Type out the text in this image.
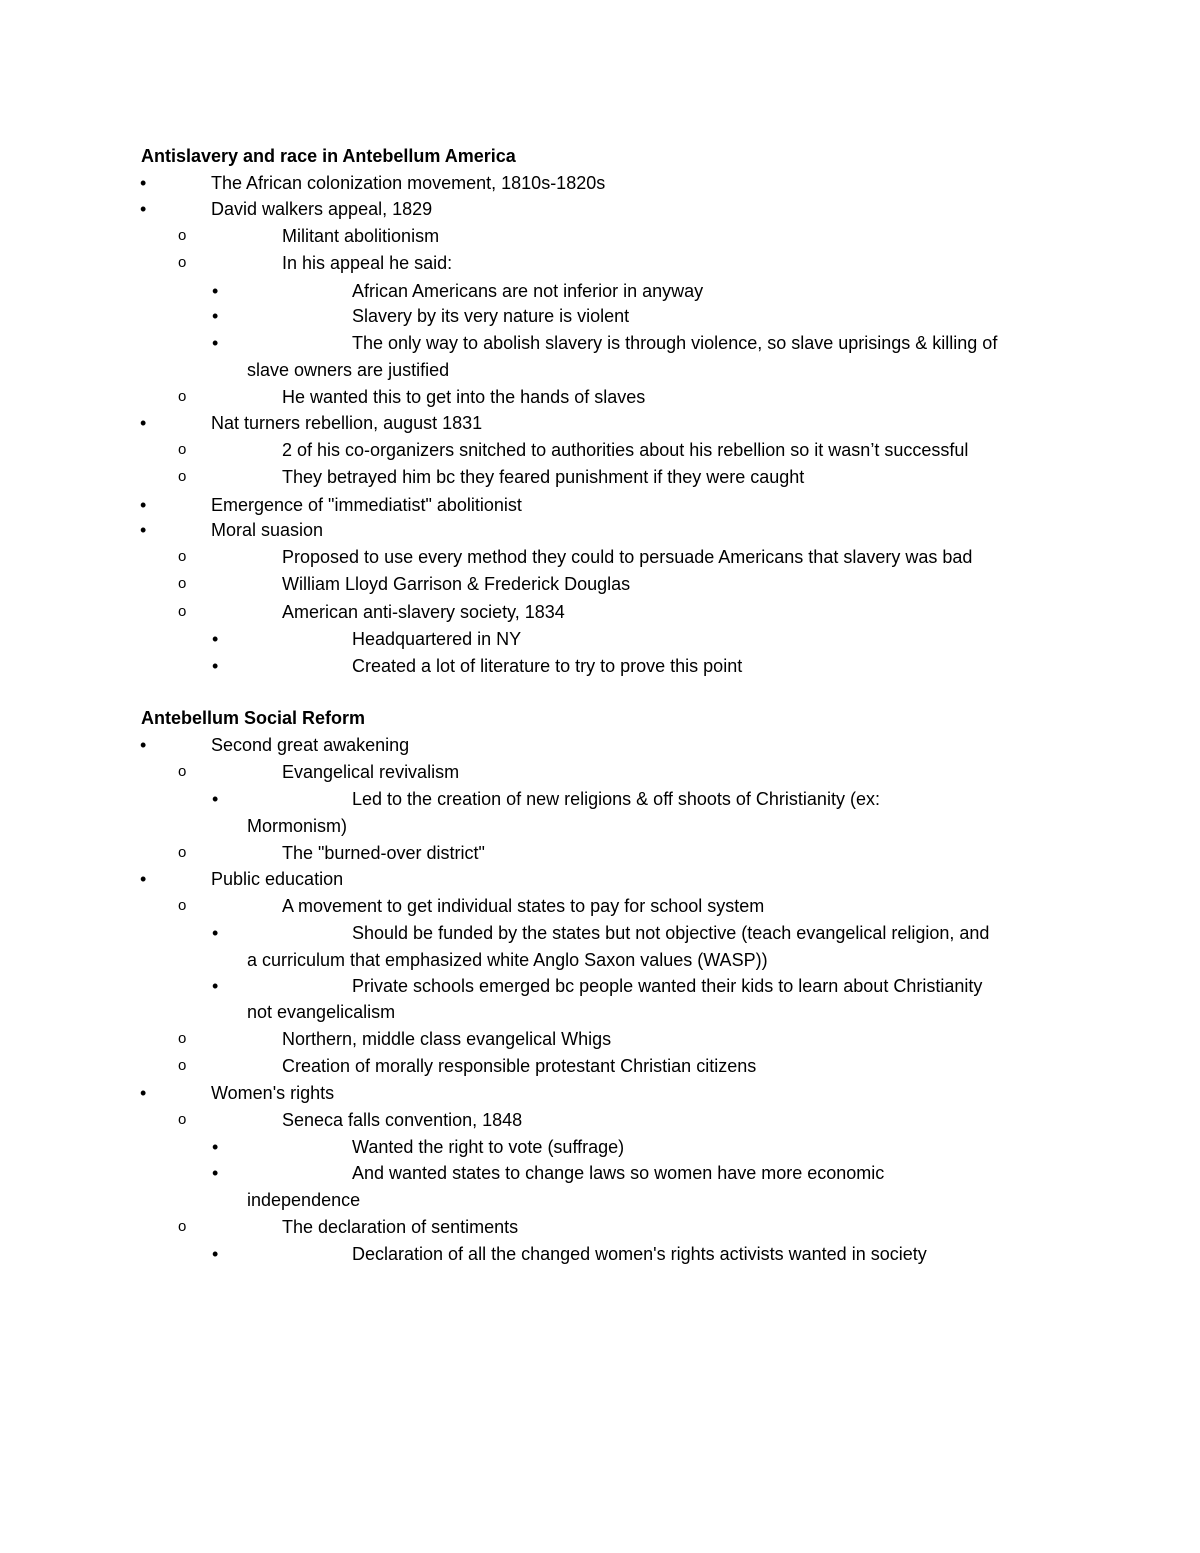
Antislavery and race in Antebellum America
•	The African colonization movement, 1810s-1820s
•	David walkers appeal, 1829
o	Militant abolitionism
o	In his appeal he said:
•	African Americans are not inferior in anyway
•	Slavery by its very nature is violent
•	The only way to abolish slavery is through violence, so slave uprisings & killing of
slave owners are justified
o	He wanted this to get into the hands of slaves
•	Nat turners rebellion, august 1831
o	2 of his co-organizers snitched to authorities about his rebellion so it wasn’t successful
o	They betrayed him bc they feared punishment if they were caught
•	Emergence of "immediatist" abolitionist
•	Moral suasion
o	Proposed to use every method they could to persuade Americans that slavery was bad
o	William Lloyd Garrison & Frederick Douglas
o	American anti-slavery society, 1834
•	Headquartered in NY
•	Created a lot of literature to try to prove this point
Antebellum Social Reform
•	Second great awakening
o	Evangelical revivalism
•	Led to the creation of new religions & off shoots of Christianity (ex:
Mormonism)
o	The "burned-over district"
•	Public education
o	A movement to get individual states to pay for school system
•	Should be funded by the states but not objective (teach evangelical religion, and
a curriculum that emphasized white Anglo Saxon values (WASP))
•	Private schools emerged bc people wanted their kids to learn about Christianity
not evangelicalism
o	Northern, middle class evangelical Whigs
o	Creation of morally responsible protestant Christian citizens
•	Women's rights
o	Seneca falls convention, 1848
•	Wanted the right to vote (suffrage)
•	And wanted states to change laws so women have more economic
independence
o	The declaration of sentiments
•	Declaration of all the changed women's rights activists wanted in society
